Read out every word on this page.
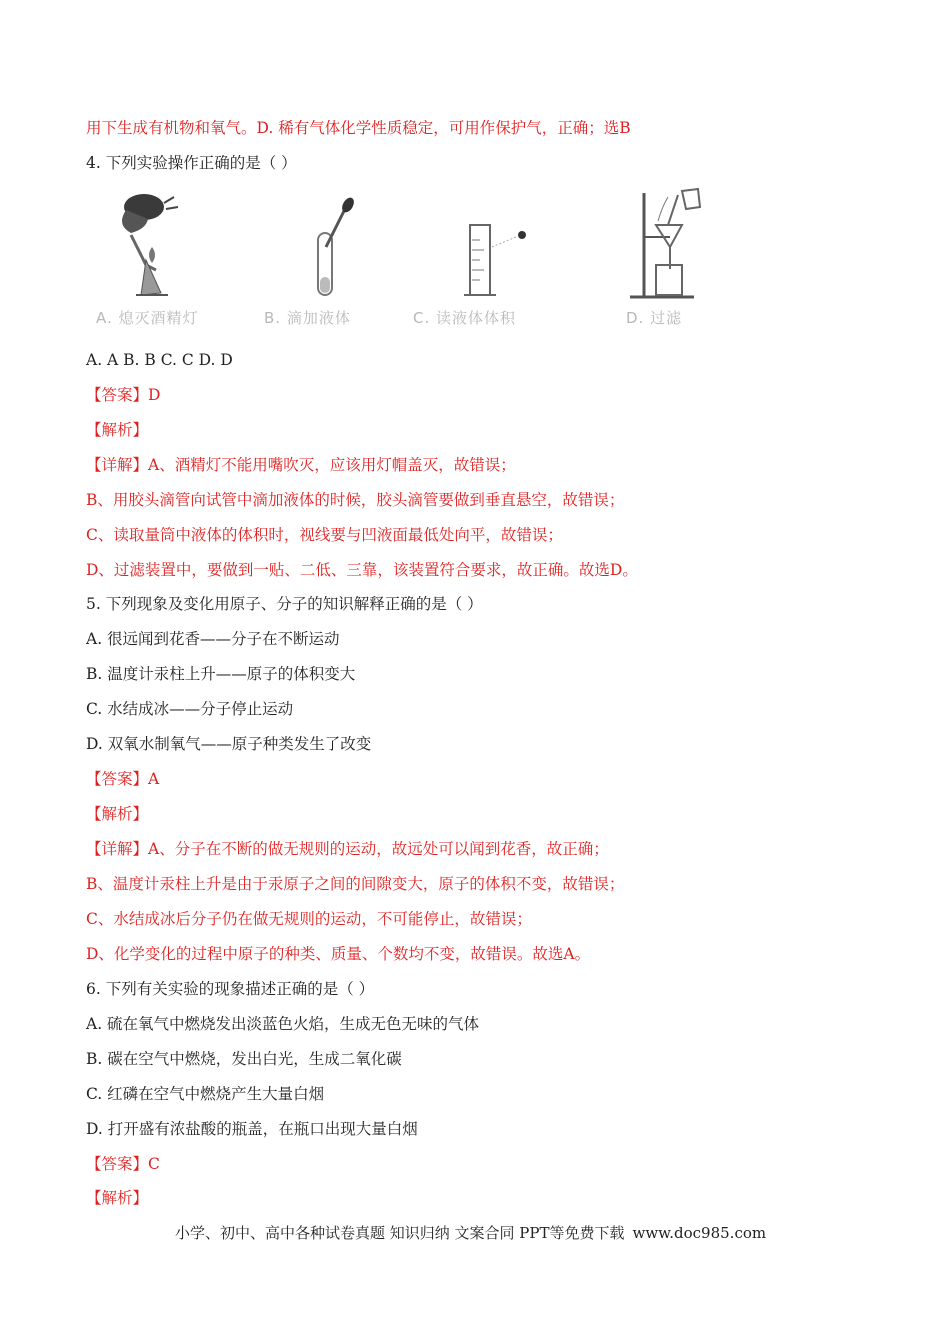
用下生成有机物和氧气。D. 稀有气体化学性质稳定，可用作保护气，正确；选B
4. 下列实验操作正确的是（ ）
A. 熄灭酒精灯	B. 滴加液体	C. 读液体体积	D. 过滤
A. A B. B C. C D. D
【答案】D
【解析】
【详解】A、酒精灯不能用嘴吹灭，应该用灯帽盖灭，故错误；
B、用胶头滴管向试管中滴加液体的时候，胶头滴管要做到垂直悬空，故错误；
C、读取量筒中液体的体积时，视线要与凹液面最低处向平，故错误；
D、过滤装置中，要做到一贴、二低、三靠，该装置符合要求，故正确。故选D。
5. 下列现象及变化用原子、分子的知识解释正确的是（ ）
A. 很远闻到花香——分子在不断运动
B. 温度计汞柱上升——原子的体积变大
C. 水结成冰——分子停止运动
D. 双氧水制氧气——原子种类发生了改变
【答案】A
【解析】
【详解】A、分子在不断的做无规则的运动，故远处可以闻到花香，故正确；
B、温度计汞柱上升是由于汞原子之间的间隙变大，原子的体积不变，故错误；
C、水结成冰后分子仍在做无规则的运动，不可能停止，故错误；
D、化学变化的过程中原子的种类、质量、个数均不变，故错误。故选A。
6. 下列有关实验的现象描述正确的是（ ）
A. 硫在氧气中燃烧发出淡蓝色火焰，生成无色无味的气体
B. 碳在空气中燃烧，发出白光，生成二氧化碳
C. 红磷在空气中燃烧产生大量白烟
D. 打开盛有浓盐酸的瓶盖，在瓶口出现大量白烟
【答案】C
【解析】
小学、初中、高中各种试卷真题 知识归纳 文案合同 PPT等免费下载 www.doc985.com
